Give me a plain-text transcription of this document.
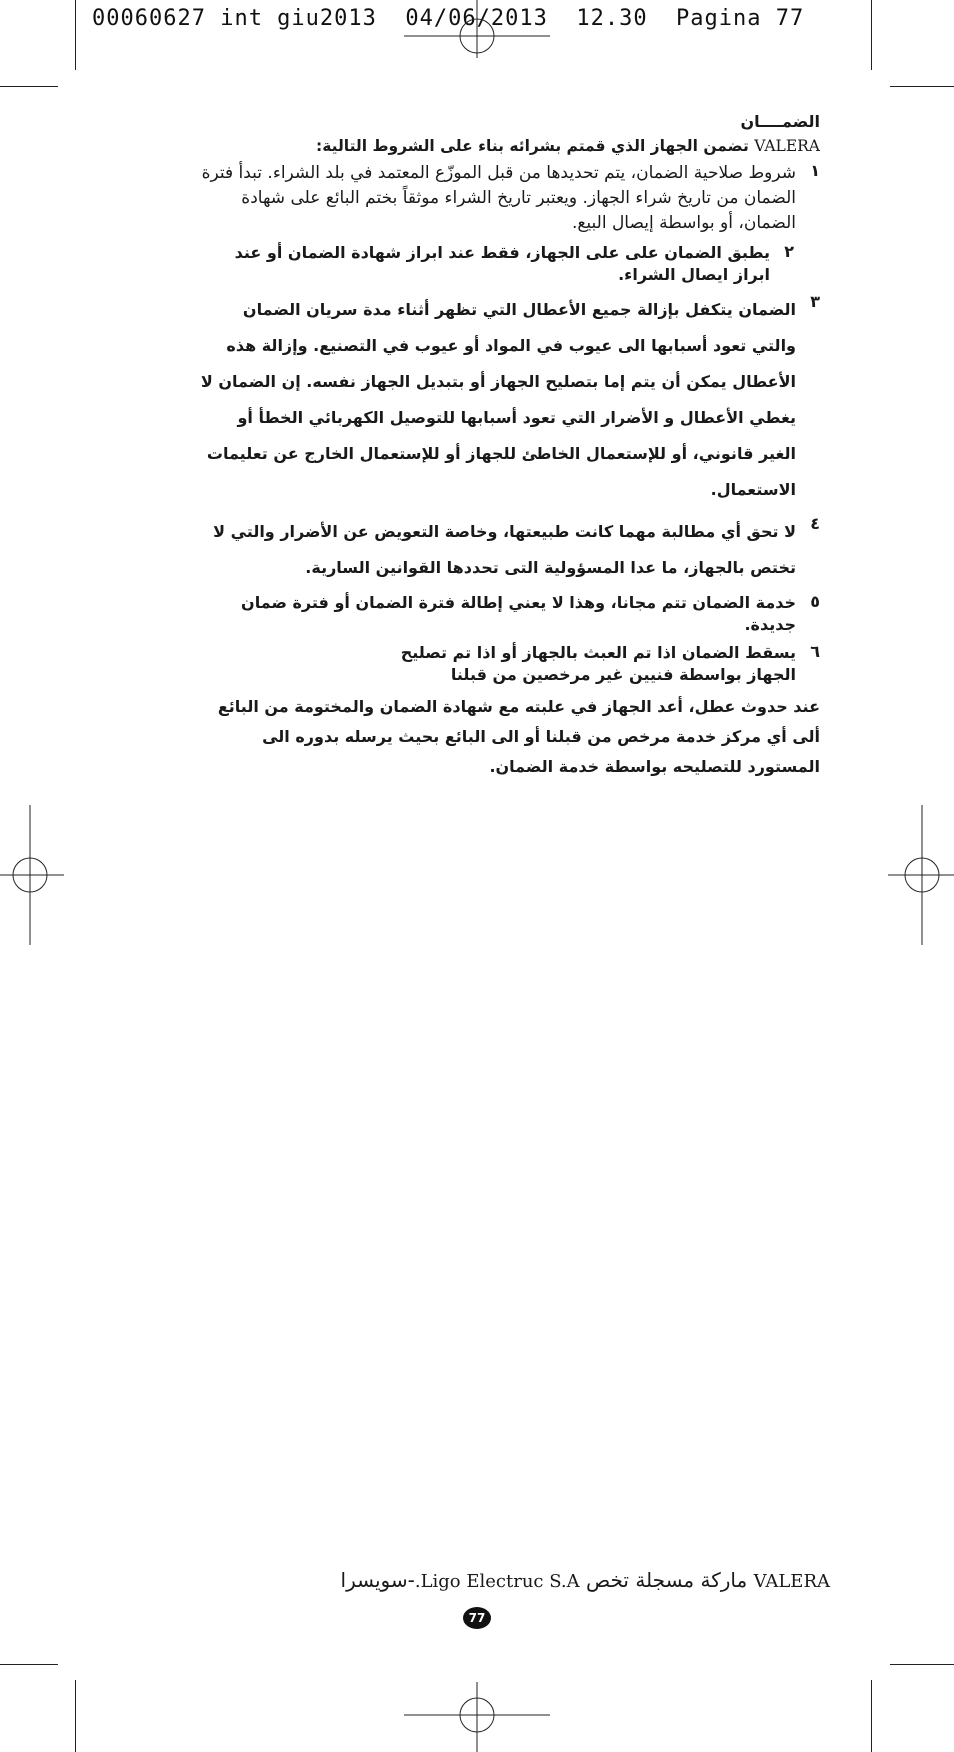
00060627 int giu2013  04/06/2013  12.30  Pagina 77
الضمــــان
VALERA تضمن الجهاز الذي قمتم بشرائه بناء على الشروط التالية:
١
شروط صلاحية الضمان، يتم تحديدها من قبل الموزّع المعتمد في بلد الشراء. تبدأ فترة الضمان من تاريخ شراء الجهاز. ويعتبر تاريخ الشراء موثقاً بختم البائع على شهادة الضمان، أو بواسطة إيصال البيع.
٢
يطبق الضمان على على الجهاز، فقط عند ابراز شهادة الضمان أو عند ابراز ايصال الشراء.
٣
الضمان يتكفل بإزالة جميع الأعطال التي تظهر أثناء مدة سريان الضمان والتي تعود أسبابها الى عيوب في المواد أو عيوب في التصنيع. وإزالة هذه الأعطال يمكن أن يتم إما بتصليح الجهاز أو بتبديل الجهاز نفسه. إن الضمان لا يغطي الأعطال و الأضرار التي تعود أسبابها للتوصيل الكهربائي الخطأ أو الغير قانوني، أو للإستعمال الخاطئ للجهاز أو للإستعمال الخارج عن تعليمات الاستعمال.
٤
لا تحق أي مطالبة مهما كانت طبيعتها، وخاصة التعويض عن الأضرار والتي لا تختص بالجهاز، ما عدا المسؤولية التى تحددها القوانين السارية.
٥
خدمة الضمان تتم مجانا، وهذا لا يعني إطالة فترة الضمان أو فترة ضمان جديدة.
٦
يسقط الضمان اذا تم العبث بالجهاز أو اذا تم تصليح الجهاز بواسطة فنيين غير مرخصين من قبلنا
عند حدوث عطل، أعد الجهاز في علبته مع شهادة الضمان والمختومة من البائع ألى أي مركز خدمة مرخص من قبلنا أو الى البائع بحيث يرسله بدوره الى المستورد للتصليحه بواسطة خدمة الضمان.
VALERA ماركة مسجلة تخص Ligo Electruc S.A.-سويسرا
77
